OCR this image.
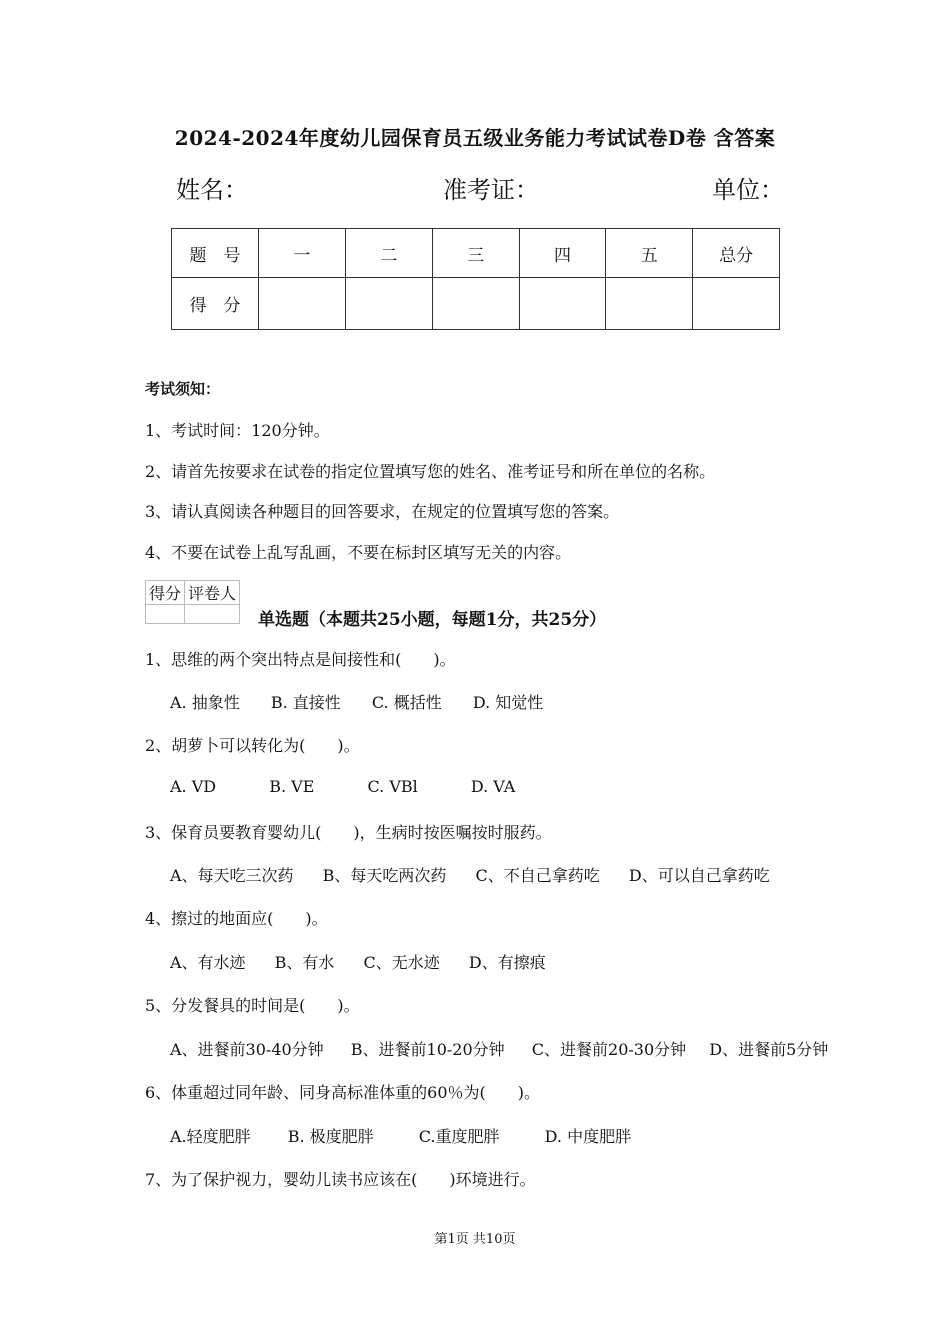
2024-2024年度幼儿园保育员五级业务能力考试试卷D卷 含答案
姓名：	准考证：	单位：
题　号	一	二	三	四	五	总分
得　分						
考试须知：
1、考试时间：120分钟。
2、请首先按要求在试卷的指定位置填写您的姓名、准考证号和所在单位的名称。
3、请认真阅读各种题目的回答要求，在规定的位置填写您的答案。
4、不要在试卷上乱写乱画，不要在标封区填写无关的内容。
得分	评卷人

单选题（本题共25小题，每题1分，共25分）
1、思维的两个突出特点是间接性和(　　)。
A. 抽象性 B. 直接性 C. 概括性 D. 知觉性
2、胡萝卜可以转化为(　　)。
A. VD	B. VE	C. VBl	D. VA
3、保育员要教育婴幼儿(　　)，生病时按医嘱按时服药。
A、每天吃三次药 B、每天吃两次药 C、不自己拿药吃 D、可以自己拿药吃
4、擦过的地面应(　　)。
A、有水迹 B、有水 C、无水迹 D、有擦痕
5、分发餐具的时间是(　　)。
A、进餐前30-40分钟 B、进餐前10-20分钟 C、进餐前20-30分钟 D、进餐前5分钟
6、体重超过同年龄、同身高标准体重的60％为(　　)。
A.轻度肥胖 B. 极度肥胖	C.重度肥胖	D. 中度肥胖
7、为了保护视力，婴幼儿读书应该在(　　)环境进行。
第1页 共10页
